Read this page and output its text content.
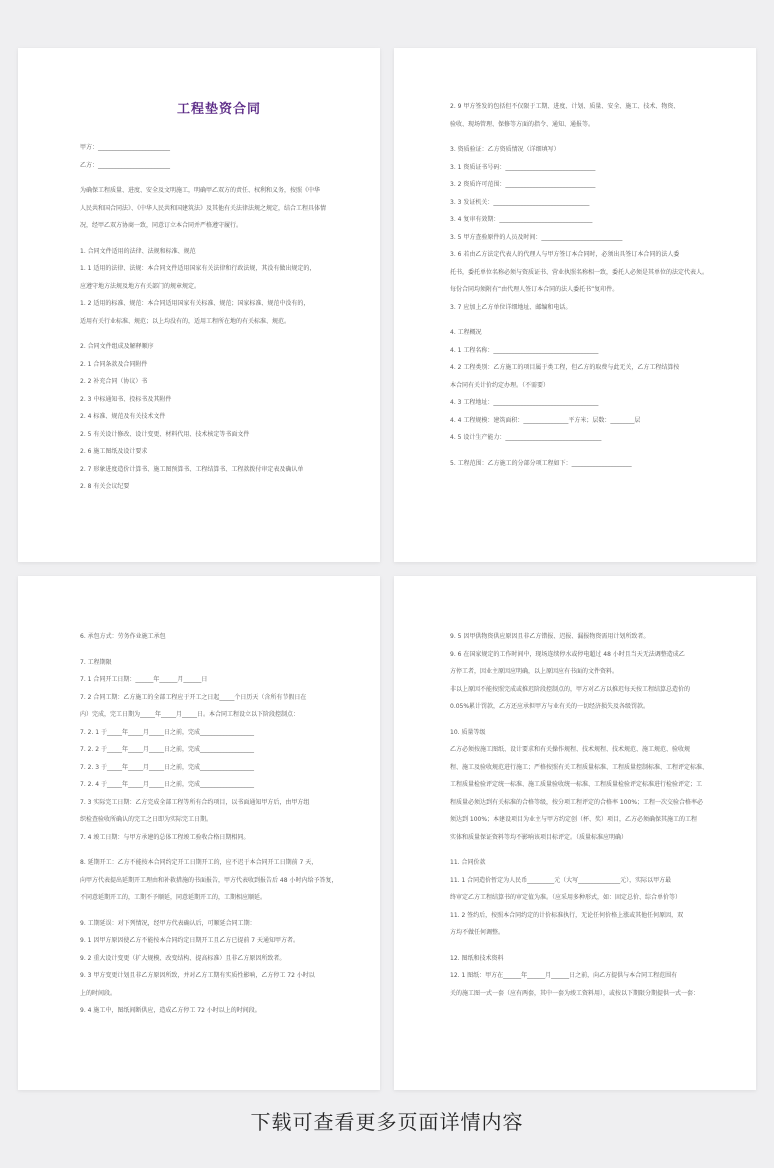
工程垫资合同

甲方：________________________

乙方：________________________

为确保工程质量、进度、安全及文明施工，明确甲乙双方的责任、权利和义务，按照《中华

人民共和国合同法》、《中华人民共和国建筑法》及其他有关法律法规之规定，结合工程具体情

况，经甲乙双方协商一致，同意订立本合同并严格遵守履行。

1. 合同文件适用的法律、法规和标准、规范

1. 1 适用的法律、法规：本合同文件适用国家有关法律和行政法规，其没有做出规定的，

应遵守地方法规及地方有关部门的规章规定。

1. 2 适用的标准、规范：本合同适用国家有关标准、规范；国家标准、规范中没有的，

适用有关行业标准、规范；以上均没有的，适用工程所在地的有关标准、规范。

2. 合同文件组成及解释顺序

2. 1 合同条款及合同附件

2. 2 补充合同（协议）书

2. 3 中标通知书、投标书及其附件

2. 4 标准、规范及有关技术文件

2. 5 有关设计修改、设计变更、材料代用、技术核定等书面文件

2. 6 施工图纸及设计要求

2. 7 形象进度造价计算书、施工图预算书、工程结算书、工程款拨付审定表及确认单

2. 8 有关会议纪要

2. 9 甲方签发的包括但不仅限于工期、进度、计划、质量、安全、施工、技术、物资、

验收、现场管理、保修等方面的指令、通知、通报等。

3. 资质验证：乙方资质情况（详细填写）

3. 1 资质证书号码：______________________________

3. 2 资质许可范围：______________________________

3. 3 发证机关：________________________________

3. 4 复审有效期：_______________________________

3. 5 甲方查验原件的人员及时间：___________________________

3. 6 若由乙方法定代表人的代理人与甲方签订本合同时，必须出具签订本合同的法人委

托书，委托单位名称必须与资质证书、营业执照名称相一致，委托人必须是其单位的法定代表人。

每份合同均须附有“由代理人签订本合同的法人委托书”复印件。

3. 7 应加上乙方单位详细地址、邮编和电话。

4. 工程概况

4. 1 工程名称：___________________________________

4. 2 工程类别：乙方施工的项目属于类工程，但乙方的取费与此无关，乙方工程结算按

本合同有关计价约定办理。（不需要）

4. 3 工程地址：___________________________________

4. 4 工程规模：建筑面积：_______________平方米；层数：________层

4. 5 设计生产能力：________________________________

5. 工程范围：乙方施工的分部分项工程如下：____________________

6. 承包方式：劳务作业施工承包

7. 工程期限

7. 1 合同开工日期：______年______月______日

7. 2 合同工期：乙方施工的全部工程应于开工之日起_____个日历天（含所有节假日在

内）完成，完工日期为_____年_____月_____日。本合同工程设立以下阶段控制点：

7. 2. 1 于_____年_____月_____日之前，完成__________________

7. 2. 2 于_____年_____月_____日之前，完成__________________

7. 2. 3 于_____年_____月_____日之前，完成__________________

7. 2. 4 于_____年_____月_____日之前，完成__________________

7. 3 实际完工日期：乙方完成全部工程等所有合约项目，以书面通知甲方后，由甲方组

织检查验收所确认的完工之日即为实际完工日期。

7. 4 竣工日期：与甲方承建的总体工程竣工验收合格日期相同。

8. 延期开工：乙方不能按本合同约定开工日期开工的，应不迟于本合同开工日期前 7 天，

向甲方代表提出延期开工理由和补救措施的书面报告，甲方代表收到报告后 48 小时内给予答复，

不同意延期开工的，工期不予顺延，同意延期开工的，工期相应顺延。

9. 工期延误：对下列情况，经甲方代表确认后，可顺延合同工期：

9. 1 因甲方原因使乙方不能按本合同约定日期开工且乙方已提前 7 天通知甲方者。

9. 2 重大设计变更（扩大规模、改变结构、提高标准）且非乙方原因所致者。

9. 3 甲方变更计划且非乙方原因所致，并对乙方工期有实质性影响，乙方停工 72 小时以

上的时间段。

9. 4 施工中，图纸间断供应，造成乙方停工 72 小时以上的时间段。

9. 5 因甲供物资供应原因且非乙方错报、迟报、漏报物资需用计划所致者。

9. 6 在国家规定的工作时间中，现场连续停水或停电超过 48 小时且当天无法调整造成乙

方停工者，因业主原因应明确，以上原因应有书面的文件资料。

非以上原因不能按照完成或推迟阶段控制点的，甲方对乙方以推迟每天按工程结算总造价的

0.05%累计罚款，乙方还应承担甲方与业有关的一切经济损失及各级罚款。

10. 质量等级

乙方必须按施工图纸、设计要求和有关操作规程、技术规程、技术规范、施工规范、验收规

程、施工及验收规范进行施工；严格按照有关工程质量标准、工程质量控制标准、工程评定标准、

工程质量检验评定统一标准、施工质量验收统一标准、工程质量检验评定标准进行检验评定；工

程质量必须达到有关标准的合格等级，按分项工程评定的合格率 100%；工程一次交验合格率必

须达到 100%；本建设项目为业主与甲方约定创（杯、奖）项目，乙方必须确保其施工的工程

实体和质量保证资料等均不影响该项目标评定。（质量标准应明确）

11. 合同价款

11. 1 合同造价暂定为人民币_________元（大写______________元），实际以甲方最

终审定乙方工程结算书的审定值为准。（应采用多种形式，如：固定总价、综合单价等）

11. 2 签约后，按照本合同约定的计价标准执行，无论任何价格上涨或其他任何原因，双

方均不做任何调整。

12. 图纸和技术资料

12. 1 图纸：甲方在______年______月______日之前，向乙方提供与本合同工程范围有

关的施工图一式一套（应有两套，其中一套为竣工资料用），或按以下期限分期提供一式一套：

下载可查看更多页面详情内容
